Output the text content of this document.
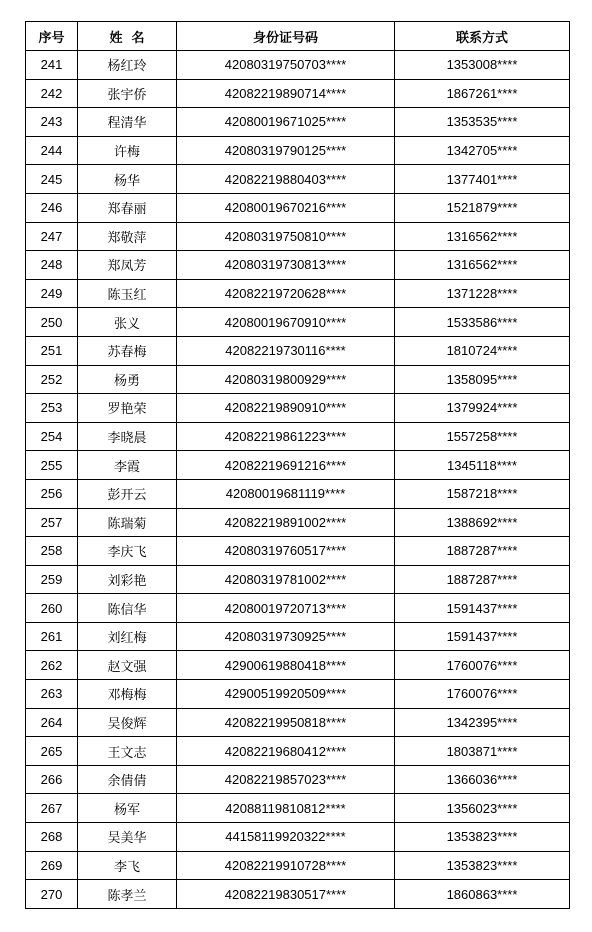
序号	姓  名	身份证号码	联系方式
241	杨红玲	42080319750703****	1353008****
242	张宇侨	42082219890714****	1867261****
243	程清华	42080019671025****	1353535****
244	许梅	42080319790125****	1342705****
245	杨华	42082219880403****	1377401****
246	郑春丽	42080019670216****	1521879****
247	郑敬萍	42080319750810****	1316562****
248	郑凤芳	42080319730813****	1316562****
249	陈玉红	42082219720628****	1371228****
250	张义	42080019670910****	1533586****
251	苏春梅	42082219730116****	1810724****
252	杨勇	42080319800929****	1358095****
253	罗艳荣	42082219890910****	1379924****
254	李晓晨	42082219861223****	1557258****
255	李霞	42082219691216****	1345118****
256	彭开云	42080019681119****	1587218****
257	陈瑞菊	42082219891002****	1388692****
258	李庆飞	42080319760517****	1887287****
259	刘彩艳	42080319781002****	1887287****
260	陈信华	42080019720713****	1591437****
261	刘红梅	42080319730925****	1591437****
262	赵文强	42900619880418****	1760076****
263	邓梅梅	42900519920509****	1760076****
264	吴俊辉	42082219950818****	1342395****
265	王文志	42082219680412****	1803871****
266	余倩倩	42082219857023****	1366036****
267	杨军	42088119810812****	1356023****
268	吴美华	44158119920322****	1353823****
269	李飞	42082219910728****	1353823****
270	陈孝兰	42082219830517****	1860863****
